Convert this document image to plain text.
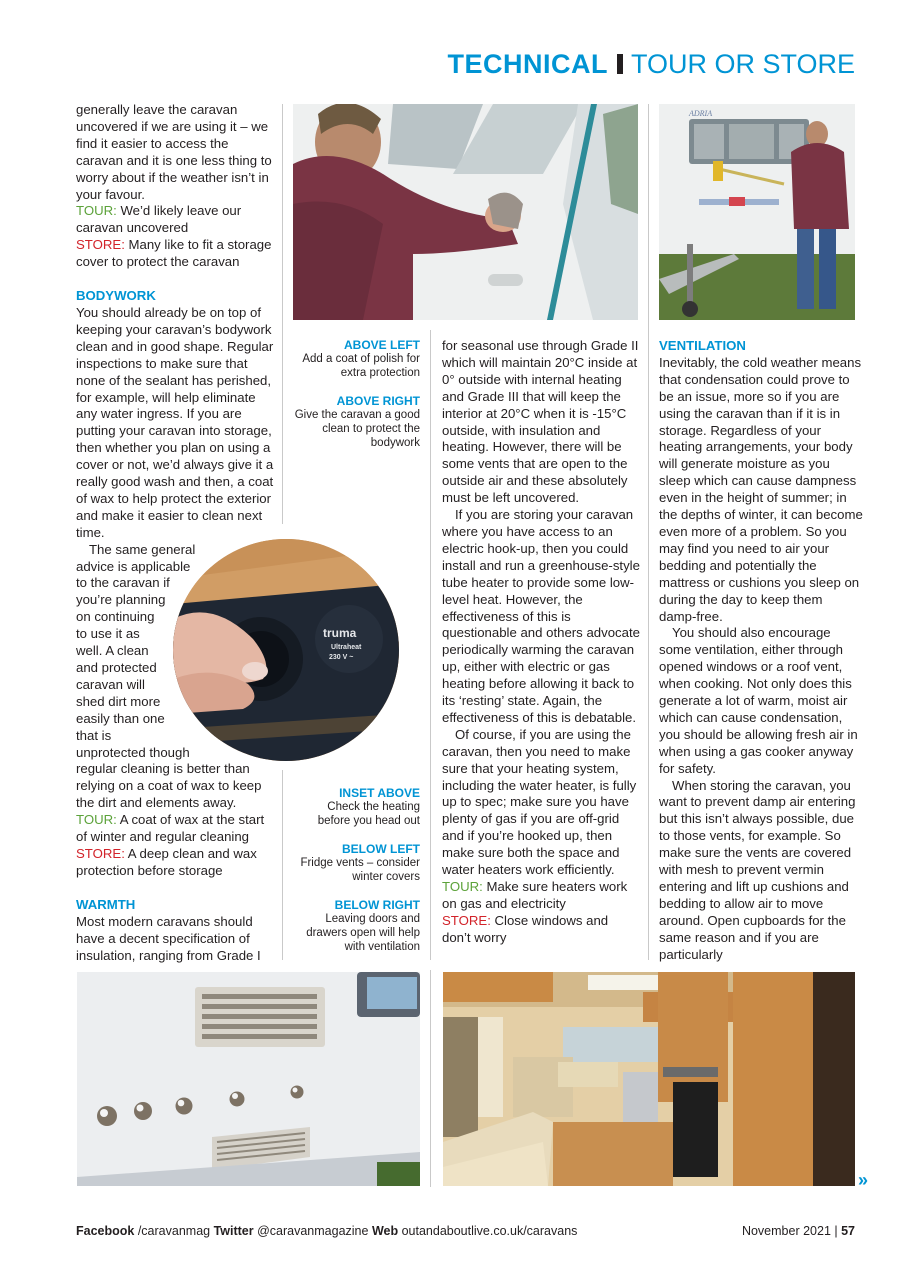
TECHNICAL TOUR OR STORE

generally leave the caravan uncovered if we are using it – we find it easier to access the caravan and it is one less thing to worry about if the weather isn’t in your favour.

TOUR: We’d likely leave our caravan uncovered

STORE: Many like to fit a storage cover to protect the caravan

BODYWORK

You should already be on top of keeping your caravan’s bodywork clean and in good shape. Regular inspections to make sure that none of the sealant has perished, for example, will help eliminate any water ingress. If you are putting your caravan into storage, then whether you plan on using a cover or not, we’d always give it a really good wash and then, a coat of wax to help protect the exterior and make it easier to clean next time.

The same general

advice is applicable

to the caravan if

you’re planning

on continuing

to use it as

well. A clean

and protected

caravan will

shed dirt more

easily than one

that is

unprotected though

regular cleaning is better than relying on a coat of wax to keep the dirt and elements away.

TOUR: A coat of wax at the start of winter and regular cleaning

STORE: A deep clean and wax protection before storage

WARMTH

Most modern caravans should have a decent specification of insulation, ranging from Grade I

ADRIA
ABOVE LEFT
Add a coat of polish for extra protection
ABOVE RIGHT
Give the caravan a good clean to protect the bodywork
truma
Ultraheat
230 V ~
INSET ABOVE
Check the heating before you head out
BELOW LEFT
Fridge vents – consider winter covers
BELOW RIGHT
Leaving doors and drawers open will help with ventilation

for seasonal use through Grade II which will maintain 20°C inside at 0° outside with internal heating and Grade III that will keep the interior at 20°C when it is -15°C outside, with insulation and heating. However, there will be some vents that are open to the outside air and these absolutely must be left uncovered.

If you are storing your caravan where you have access to an electric hook-up, then you could install and run a greenhouse-style tube heater to provide some low-level heat. However, the effectiveness of this is questionable and others advocate periodically warming the caravan up, either with electric or gas heating before allowing it back to its ‘resting’ state. Again, the effectiveness of this is debatable.

Of course, if you are using the caravan, then you need to make sure that your heating system, including the water heater, is fully up to spec; make sure you have plenty of gas if you are off-grid and if you’re hooked up, then make sure both the space and water heaters work efficiently.

TOUR: Make sure heaters work on gas and electricity

STORE: Close windows and don’t worry

VENTILATION

Inevitably, the cold weather means that condensation could prove to be an issue, more so if you are using the caravan than if it is in storage. Regardless of your heating arrangements, your body will generate moisture as you sleep which can cause dampness even in the height of summer; in the depths of winter, it can become even more of a problem. So you may find you need to air your bedding and potentially the mattress or cushions you sleep on during the day to keep them damp-free.

You should also encourage some ventilation, either through opened windows or a roof vent, when cooking. Not only does this generate a lot of warm, moist air which can cause condensation, you should be allowing fresh air in when using a gas cooker anyway for safety.

When storing the caravan, you want to prevent damp air entering but this isn’t always possible, due to those vents, for example. So make sure the vents are covered with mesh to prevent vermin entering and lift up cushions and bedding to allow air to move around. Open cupboards for the same reason and if you are particularly

»
Facebook /caravanmag Twitter @caravanmagazine Web outandaboutlive.co.uk/caravans	November 2021 | 57
